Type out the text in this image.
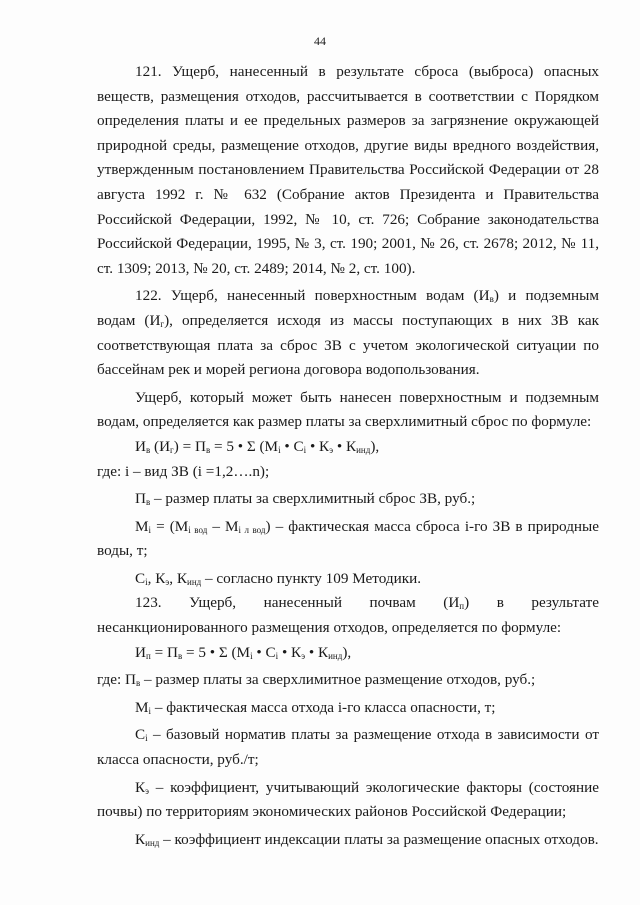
44

121. Ущерб, нанесенный в результате сброса (выброса) опасных веществ, размещения отходов, рассчитывается в соответствии с Порядком определения платы и ее предельных размеров за загрязнение окружающей природной среды, размещение отходов, другие виды вредного воздействия, утвержденным постановлением Правительства Российской Федерации от 28 августа 1992 г. № 632 (Собрание актов Президента и Правительства Российской Федерации, 1992, № 10, ст. 726; Собрание законодательства Российской Федерации, 1995, № 3, ст. 190; 2001, № 26, ст. 2678; 2012, № 11, ст. 1309; 2013, № 20, ст. 2489; 2014, № 2, ст. 100).

122. Ущерб, нанесенный поверхностным водам $(И_в)$ и подземным водам $(И_г)$, определяется исходя из массы поступающих в них ЗВ как соответствующая плата за сброс ЗВ с учетом экологической ситуации по бассейнам рек и морей региона договора водопользования.

Ущерб, который может быть нанесен поверхностным и подземным водам, определяется как размер платы за сверхлимитный сброс по формуле:

$И_в$ $(И_г) = П_в = 5$ • Σ ($М_i$ • $С_i$ • $К_э$ • $К_{инд}$),

где: i – вид ЗВ (i =1,2….n);

$П_в$ – размер платы за сверхлимитный сброс ЗВ, руб.;

$М_i = (М_{i вод} - М_{i л вод})$ – фактическая масса сброса i-го ЗВ в природные воды, т;

$С_i$, $К_э$, $К_{инд}$ – согласно пункту 109 Методики.

123. Ущерб, нанесенный почвам $(И_п)$ в результате несанкционированного размещения отходов, определяется по формуле:

$И_п = П_в = 5$ • Σ ($М_i$ • $С_i$ • $К_э$ • $К_{инд}$),

где: $П_в$ – размер платы за сверхлимитное размещение отходов, руб.;

$М_i$ – фактическая масса отхода i-го класса опасности, т;

$С_i$ – базовый норматив платы за размещение отхода в зависимости от класса опасности, руб./т;

$К_э$ – коэффициент, учитывающий экологические факторы (состояние почвы) по территориям экономических районов Российской Федерации;

$К_{инд}$ – коэффициент индексации платы за размещение опасных отходов.
